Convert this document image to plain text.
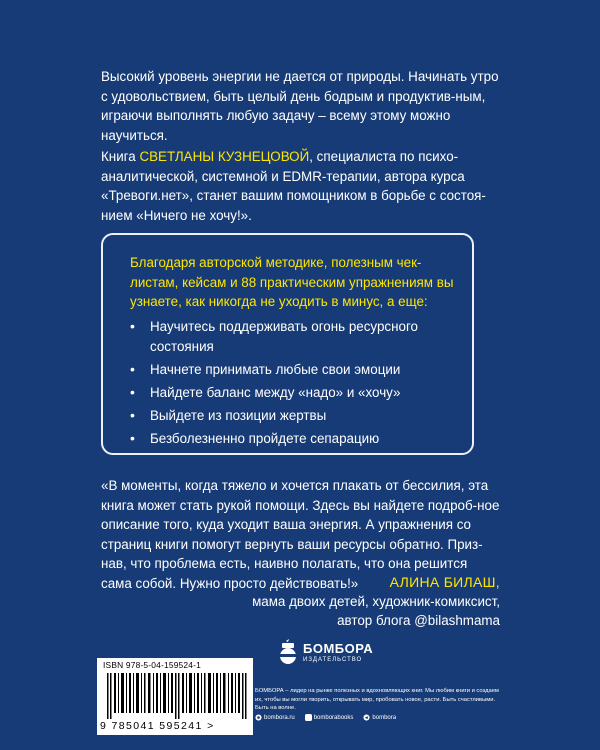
Высокий уровень энергии не дается от природы. Начинать утро с удовольствием, быть целый день бодрым и продуктив-ным, играючи выполнять любую задачу – всему этому можно научиться.

Книга СВЕТЛАНЫ КУЗНЕЦОВОЙ, специалиста по психо-аналитической, системной и EDMR-терапии, автора курса «Тревоги.нет», станет вашим помощником в борьбе с состоя-нием «Ничего не хочу!».

Благодаря авторской методике, полезным чек-листам, кейсам и 88 практическим упражнениям вы узнаете, как никогда не уходить в минус, а еще:

• Научитесь поддерживать огонь ресурсного состояния
• Начнете принимать любые свои эмоции
• Найдете баланс между «надо» и «хочу»
• Выйдете из позиции жертвы
• Безболезненно пройдете сепарацию

«В моменты, когда тяжело и хочется плакать от бессилия, эта книга может стать рукой помощи. Здесь вы найдете подроб-ное описание того, куда уходит ваша энергия. А упражнения со страниц книги помогут вернуть ваши ресурсы обратно. Приз-нав, что проблема есть, наивно полагать, что она решится сама собой. Нужно просто действовать!»	АЛИНА БИЛАШ,
мама двоих детей, художник-комиксист,
автор блога @bilashmama
ISBN 978-5-04-159524-1
9 785041 595241 >
БОМБОРА
ИЗДАТЕЛЬСТВО

БОМБОРА – лидер на рынке полезных и вдохновляющих книг. Мы любим книги и создаем их, чтобы вы могли творить, открывать мир, пробовать новое, расти. Быть счастливыми. Быть на волне.

bombora.ru	bomborabooks	bombora
